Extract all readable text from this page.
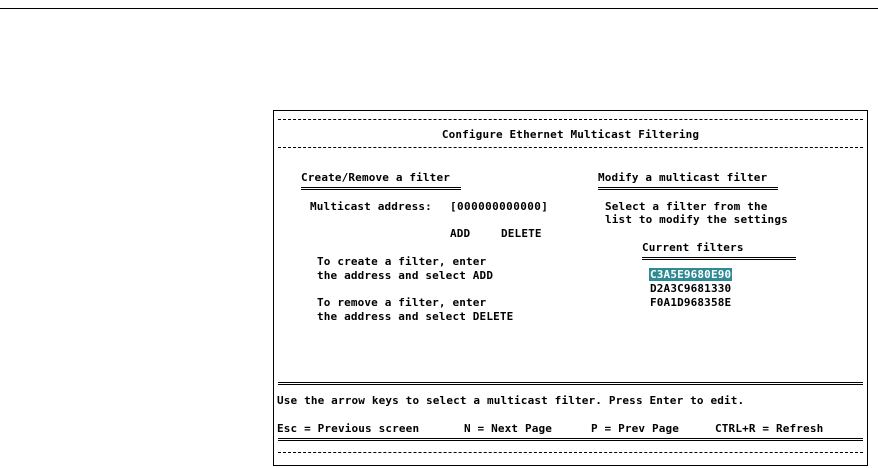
Configure Ethernet Multicast Filtering
Create/Remove a filter
Multicast address: [000000000000]
ADD	DELETE
To create a filter, enter
the address and select ADD
To remove a filter, enter
the address and select DELETE
Modify a multicast filter
Select a filter from the
list to modify the settings
Current filters
C3A5E9680E90
D2A3C9681330
F0A1D968358E
Use the arrow keys to select a multicast filter. Press Enter to edit.
Esc = Previous screen	N = Next Page	P = Prev Page	CTRL+R = Refresh
